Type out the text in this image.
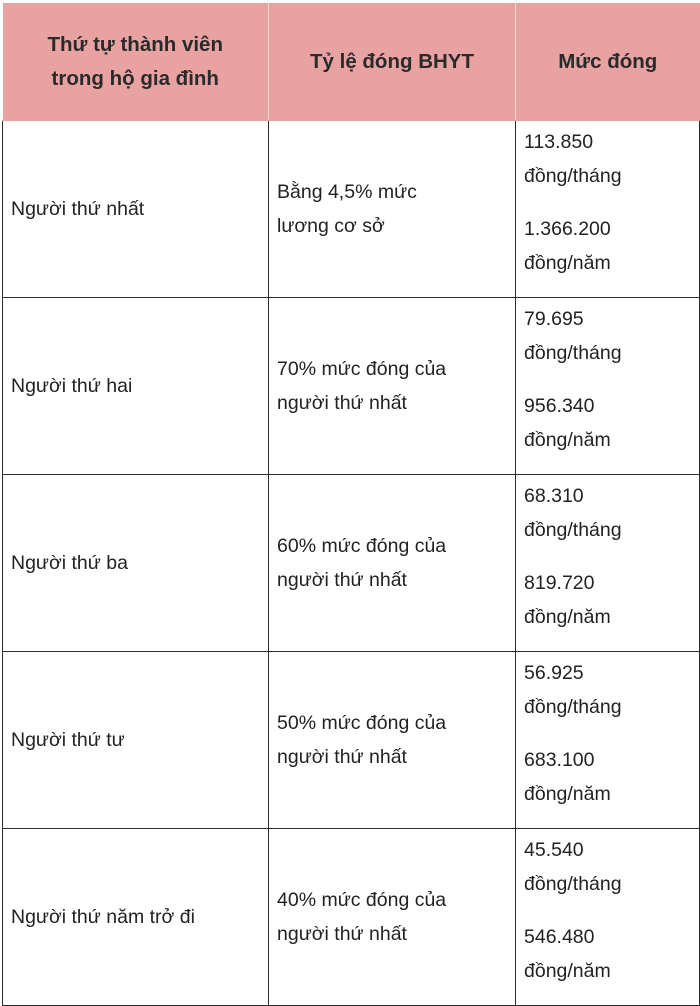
Thứ tự thành viên trong hộ gia đình	Tỷ lệ đóng BHYT	Mức đóng
Người thứ nhất	Bằng 4,5% mức lương cơ sở	113.850
đồng/tháng
1.366.200
đồng/năm

Người thứ hai	70% mức đóng của người thứ nhất	79.695
đồng/tháng
956.340
đồng/năm

Người thứ ba	60% mức đóng của người thứ nhất	68.310
đồng/tháng
819.720
đồng/năm

Người thứ tư	50% mức đóng của người thứ nhất	56.925
đồng/tháng
683.100
đồng/năm

Người thứ năm trở đi	40% mức đóng của người thứ nhất	45.540
đồng/tháng
546.480
đồng/năm
